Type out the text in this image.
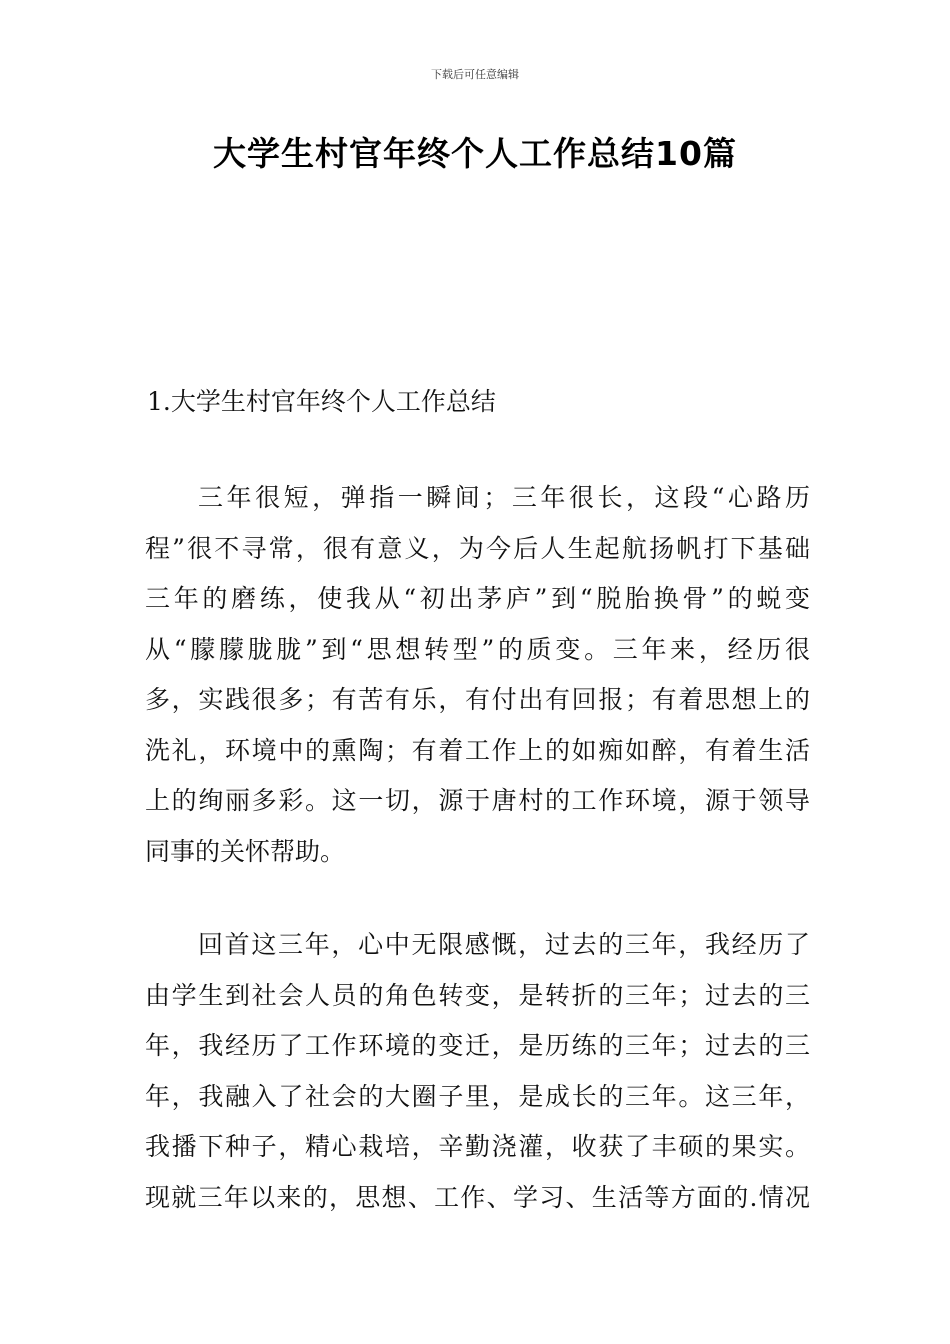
下载后可任意编辑
大学生村官年终个人工作总结10篇
1.大学生村官年终个人工作总结
三年很短，弹指一瞬间；三年很长，这段“心路历
程”很不寻常，很有意义，为今后人生起航扬帆打下基础
三年的磨练，使我从“初出茅庐”到“脱胎换骨”的蜕变
从“朦朦胧胧”到“思想转型”的质变。三年来，经历很
多，实践很多；有苦有乐，有付出有回报；有着思想上的
洗礼，环境中的熏陶；有着工作上的如痴如醉，有着生活
上的绚丽多彩。这一切，源于唐村的工作环境，源于领导
同事的关怀帮助。
回首这三年，心中无限感慨，过去的三年，我经历了
由学生到社会人员的角色转变，是转折的三年；过去的三
年，我经历了工作环境的变迁，是历练的三年；过去的三
年，我融入了社会的大圈子里，是成长的三年。这三年，
我播下种子，精心栽培，辛勤浇灌，收获了丰硕的果实。
现就三年以来的，思想、工作、学习、生活等方面的.情况
